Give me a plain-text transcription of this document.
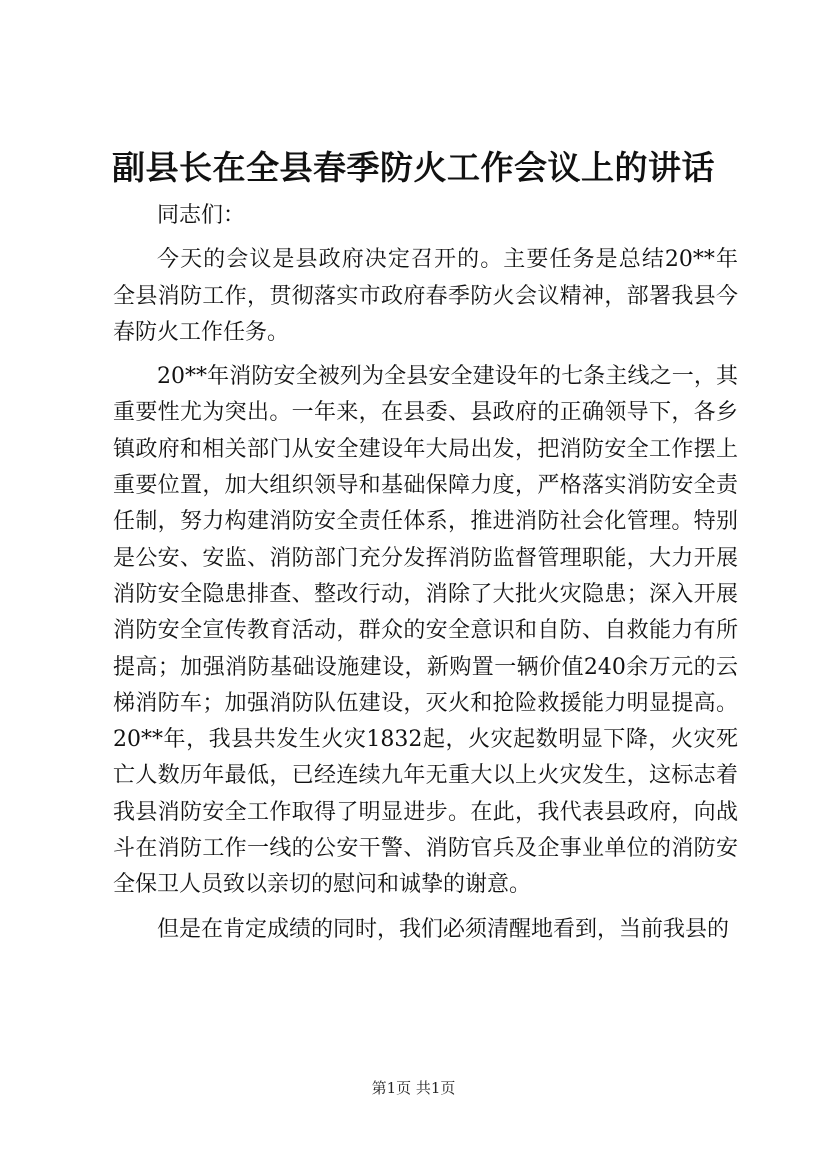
副县长在全县春季防火工作会议上的讲话
同志们：
今天的会议是县政府决定召开的。主要任务是总结20**年
全县消防工作，贯彻落实市政府春季防火会议精神，部署我县今
春防火工作任务。
20**年消防安全被列为全县安全建设年的七条主线之一，其
重要性尤为突出。一年来，在县委、县政府的正确领导下，各乡
镇政府和相关部门从安全建设年大局出发，把消防安全工作摆上
重要位置，加大组织领导和基础保障力度，严格落实消防安全责
任制，努力构建消防安全责任体系，推进消防社会化管理。特别
是公安、安监、消防部门充分发挥消防监督管理职能，大力开展
消防安全隐患排查、整改行动，消除了大批火灾隐患；深入开展
消防安全宣传教育活动，群众的安全意识和自防、自救能力有所
提高；加强消防基础设施建设，新购置一辆价值240余万元的云
梯消防车；加强消防队伍建设，灭火和抢险救援能力明显提高。
20**年，我县共发生火灾1832起，火灾起数明显下降，火灾死
亡人数历年最低，已经连续九年无重大以上火灾发生，这标志着
我县消防安全工作取得了明显进步。在此，我代表县政府，向战
斗在消防工作一线的公安干警、消防官兵及企事业单位的消防安
全保卫人员致以亲切的慰问和诚挚的谢意。
但是在肯定成绩的同时，我们必须清醒地看到，当前我县的
第1页 共1页
